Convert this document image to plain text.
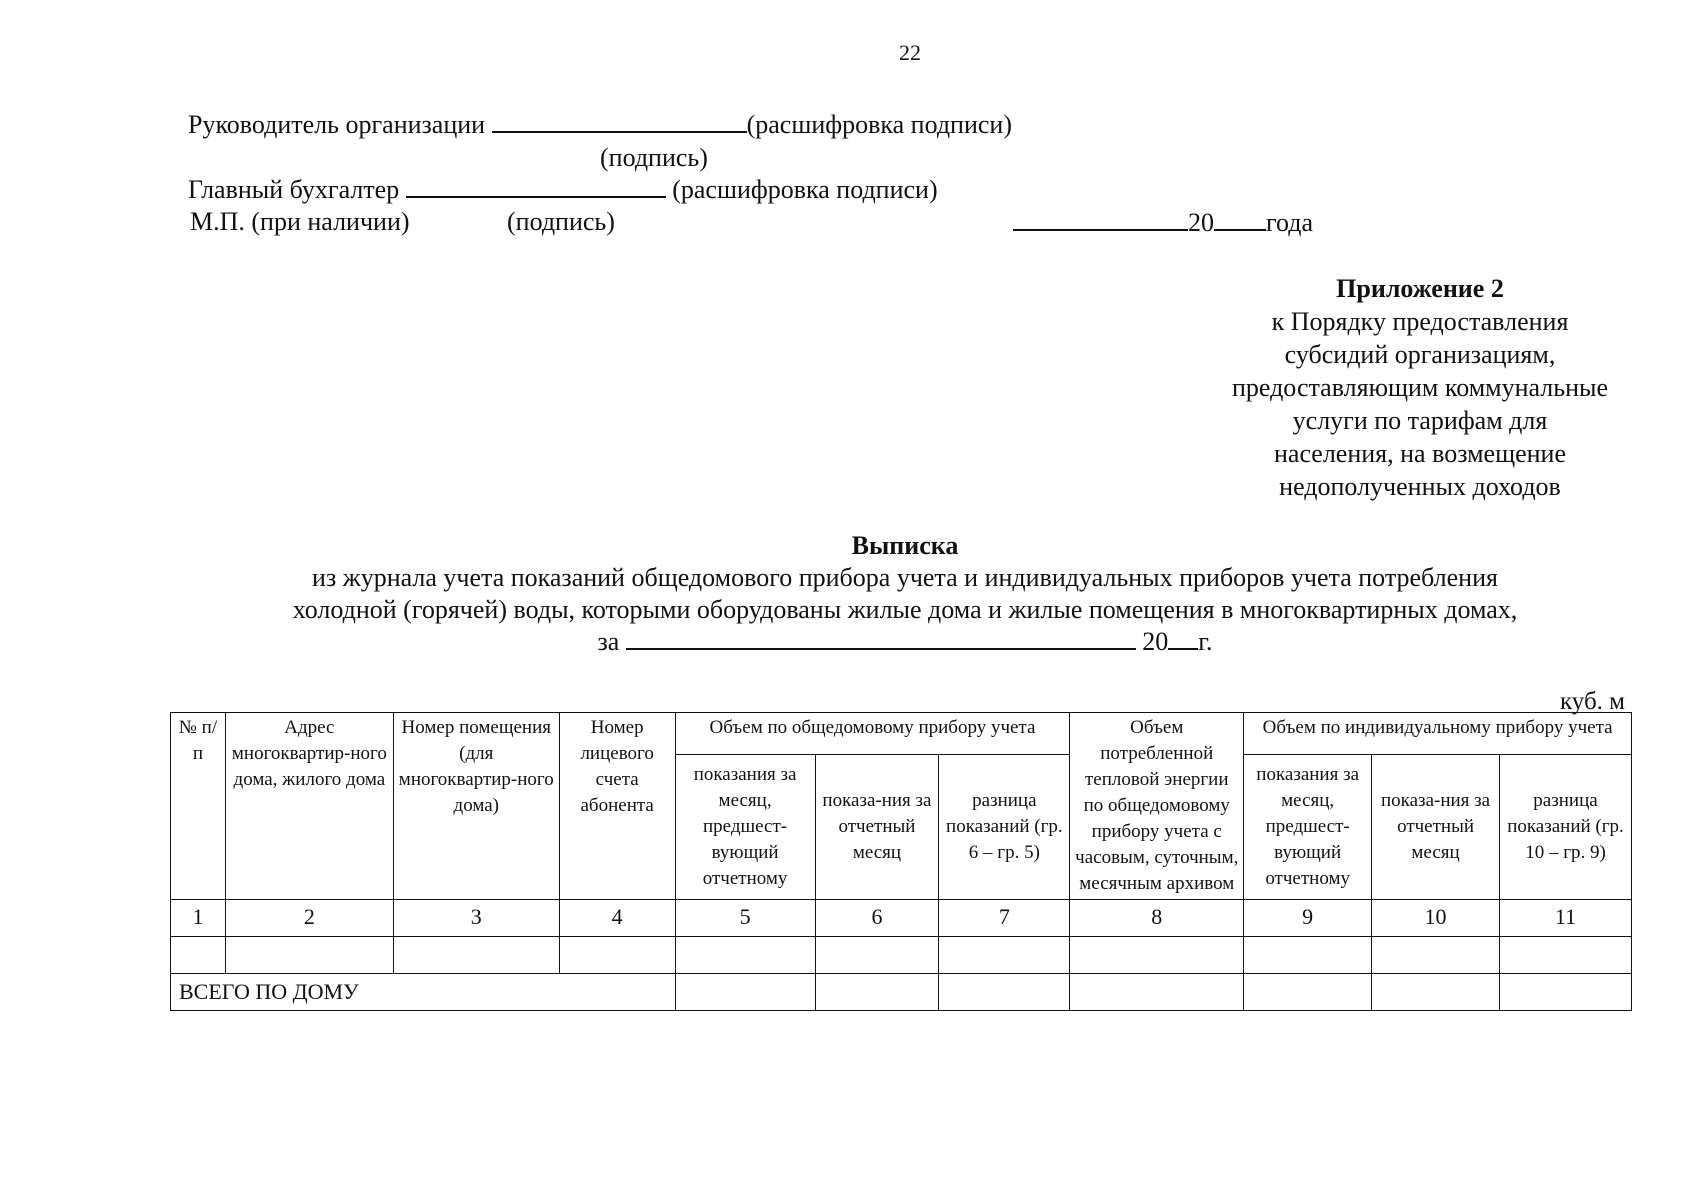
22
Руководитель организации	(расшифровка подписи)
(подпись)
Главный бухгалтер	(расшифровка подписи)
М.П. (при наличии)	(подпись)	20 года
Приложение 2
к Порядку предоставления
субсидий организациям,
предоставляющим коммунальные
услуги по тарифам для
населения, на возмещение
недополученных доходов
Выписка
из журнала учета показаний общедомового прибора учета и индивидуальных приборов учета потребления
холодной (горячей) воды, которыми оборудованы жилые дома и жилые помещения в многоквартирных домах,
за	20 г.
куб. м
№ п/п	Адрес многоквартир-ного дома, жилого дома	Номер помещения (для многоквартир-ного дома)	Номер лицевого счета абонента	Объем по общедомовому прибору учета			Объем потребленной тепловой энергии по общедомовому прибору учета с часовым, суточным, месячным архивом	Объем по индивидуальному прибору учета		
				показания за месяц, предшест-вующий отчетному	показа-ния за отчетный месяц	разница показаний (гр. 6 – гр. 5)		показания за месяц, предшест-вующий отчетному	показа-ния за отчетный месяц	разница показаний (гр. 10 – гр. 9)
1	2	3	4	5	6	7	8	9	10	11

ВСЕГО ПО ДОМУ										
